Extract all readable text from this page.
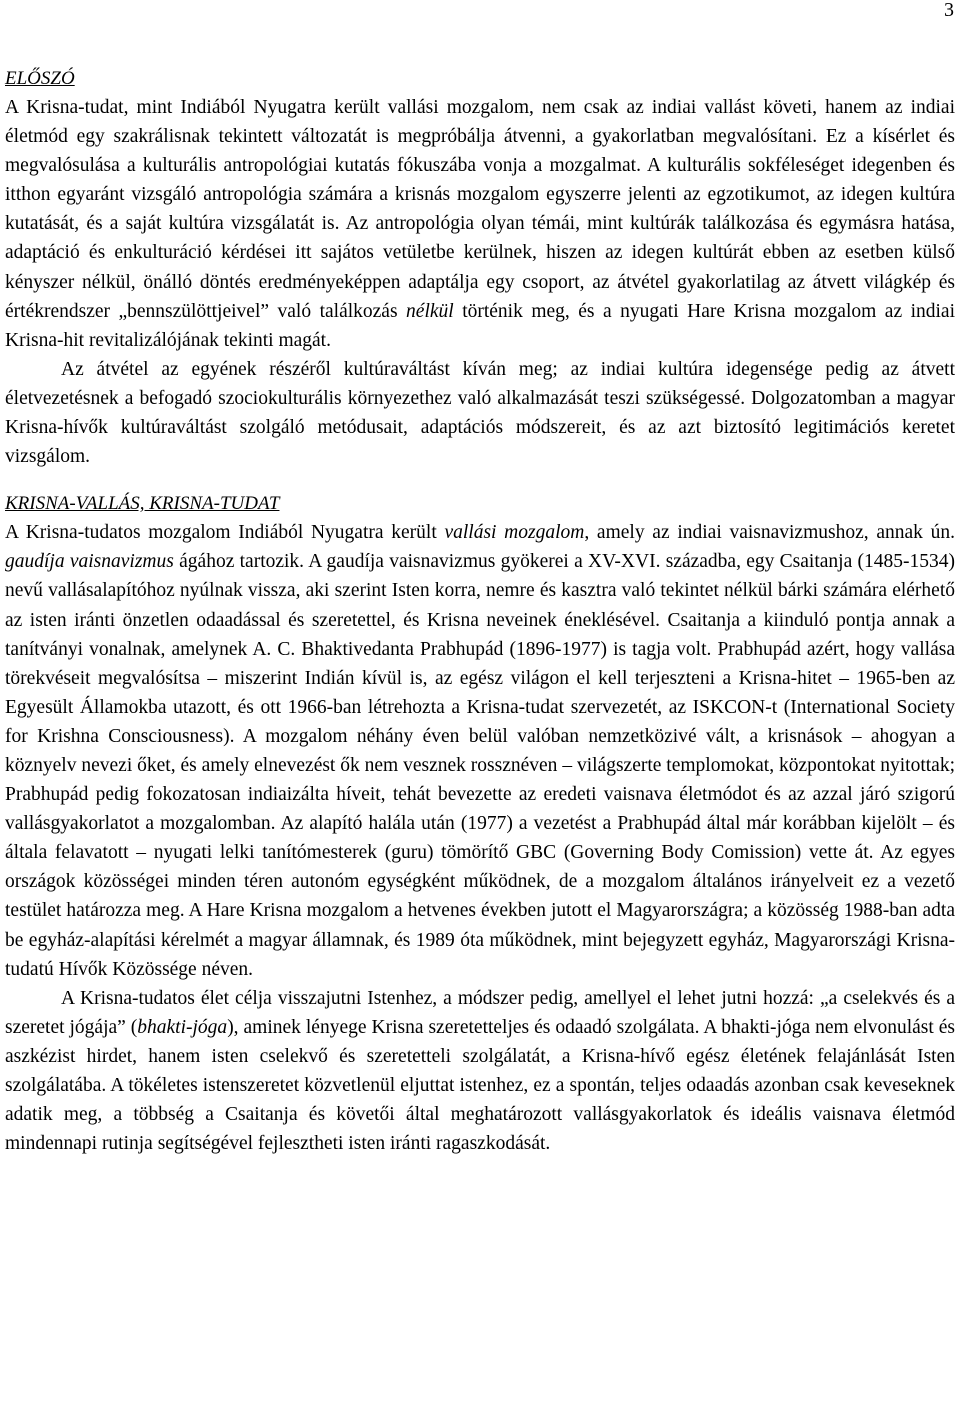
3
ELŐSZÓ

A Krisna-tudat, mint Indiából Nyugatra került vallási mozgalom, nem csak az indiai vallást követi, hanem az indiai életmód egy szakrálisnak tekintett változatát is megpróbálja átvenni, a gyakorlatban megvalósítani. Ez a kísérlet és megvalósulása a kulturális antropológiai kutatás fókuszába vonja a mozgalmat. A kulturális sokféleséget idegenben és itthon egyaránt vizsgáló antropológia számára a krisnás mozgalom egyszerre jelenti az egzotikumot, az idegen kultúra kutatását, és a saját kultúra vizsgálatát is. Az antropológia olyan témái, mint kultúrák találkozása és egymásra hatása, adaptáció és enkulturáció kérdései itt sajátos vetületbe kerülnek, hiszen az idegen kultúrát ebben az esetben külső kényszer nélkül, önálló döntés eredményeképpen adaptálja egy csoport, az átvétel gyakorlatilag az átvett világkép és értékrendszer „bennszülöttjeivel” való találkozás nélkül történik meg, és a nyugati Hare Krisna mozgalom az indiai Krisna-hit revitalizálójának tekinti magát.

Az átvétel az egyének részéről kultúraváltást kíván meg; az indiai kultúra idegensége pedig az átvett életvezetésnek a befogadó szociokulturális környezethez való alkalmazását teszi szükségessé. Dolgozatomban a magyar Krisna-hívők kultúraváltást szolgáló metódusait, adaptációs módszereit, és az azt biztosító legitimációs keretet vizsgálom.

KRISNA-VALLÁS, KRISNA-TUDAT

A Krisna-tudatos mozgalom Indiából Nyugatra került vallási mozgalom, amely az indiai vaisnavizmushoz, annak ún. gaudíja vaisnavizmus ágához tartozik. A gaudíja vaisnavizmus gyökerei a XV-XVI. századba, egy Csaitanja (1485-1534) nevű vallásalapítóhoz nyúlnak vissza, aki szerint Isten korra, nemre és kasztra való tekintet nélkül bárki számára elérhető az isten iránti önzetlen odaadással és szeretettel, és Krisna neveinek éneklésével. Csaitanja a kiinduló pontja annak a tanítványi vonalnak, amelynek A. C. Bhaktivedanta Prabhupád (1896-1977) is tagja volt. Prabhupád azért, hogy vallása törekvéseit megvalósítsa – miszerint Indián kívül is, az egész világon el kell terjeszteni a Krisna-hitet – 1965-ben az Egyesült Államokba utazott, és ott 1966-ban létrehozta a Krisna-tudat szervezetét, az ISKCON-t (International Society for Krishna Consciousness). A mozgalom néhány éven belül valóban nemzetközivé vált, a krisnások – ahogyan a köznyelv nevezi őket, és amely elnevezést ők nem vesznek rossznéven – világszerte templomokat, központokat nyitottak; Prabhupád pedig fokozatosan indiaizálta híveit, tehát bevezette az eredeti vaisnava életmódot és az azzal járó szigorú vallásgyakorlatot a mozgalomban. Az alapító halála után (1977) a vezetést a Prabhupád által már korábban kijelölt – és általa felavatott – nyugati lelki tanítómesterek (guru) tömörítő GBC (Governing Body Comission) vette át. Az egyes országok közösségei minden téren autonóm egységként működnek, de a mozgalom általános irányelveit ez a vezető testület határozza meg. A Hare Krisna mozgalom a hetvenes években jutott el Magyarországra; a közösség 1988-ban adta be egyház-alapítási kérelmét a magyar államnak, és 1989 óta működnek, mint bejegyzett egyház, Magyarországi Krisna-tudatú Hívők Közössége néven.

A Krisna-tudatos élet célja visszajutni Istenhez, a módszer pedig, amellyel el lehet jutni hozzá: „a cselekvés és a szeretet jógája” (bhakti-jóga), aminek lényege Krisna szeretetteljes és odaadó szolgálata. A bhakti-jóga nem elvonulást és aszkézist hirdet, hanem isten cselekvő és szeretetteli szolgálatát, a Krisna-hívő egész életének felajánlását Isten szolgálatába. A tökéletes istenszeretet közvetlenül eljuttat istenhez, ez a spontán, teljes odaadás azonban csak keveseknek adatik meg, a többség a Csaitanja és követői által meghatározott vallásgyakorlatok és ideális vaisnava életmód mindennapi rutinja segítségével fejlesztheti isten iránti ragaszkodását.
